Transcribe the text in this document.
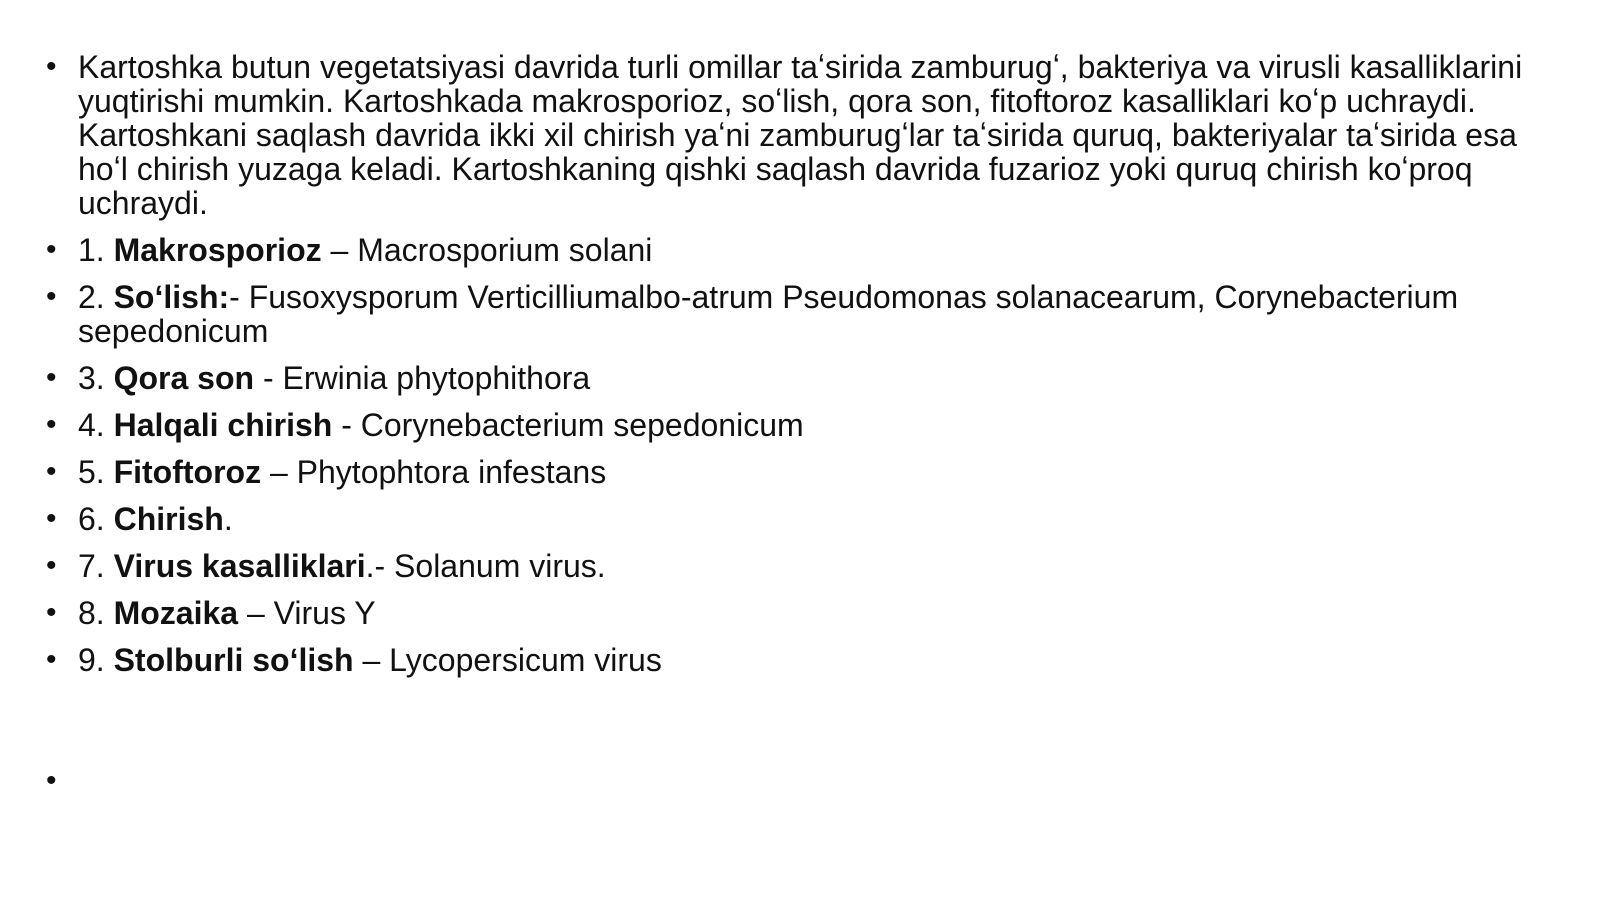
• Kartoshka butun vegetatsiyasi davrida turli omillar taʻsirida zamburugʻ, bakteriya va virusli kasalliklarini yuqtirishi mumkin. Kartoshkada makrosporioz, soʻlish, qora son, fitoftoroz kasalliklari koʻp uchraydi. Kartoshkani saqlash davrida ikki xil chirish yaʻni zamburugʻlar taʻsirida quruq, bakteriyalar taʻsirida esa hoʻl chirish yuzaga keladi. Kartoshkaning qishki saqlash davrida fuzarioz yoki quruq chirish koʻproq uchraydi.
• 1. Makrosporioz – Macrosporium solani
• 2. Soʻlish:- Fusoxysporum Verticilliumalbo-atrum Pseudomonas solanacearum, Corynebacterium sepedonicum
• 3. Qora son - Erwinia phytophithora
• 4. Halqali chirish - Corynebacterium sepedonicum
• 5. Fitoftoroz – Phytophtora infestans
• 6. Chirish.
• 7. Virus kasalliklari.- Solanum virus.
• 8. Mozaika – Virus Y
• 9. Stolburli soʻlish – Lycopersicum virus
•
